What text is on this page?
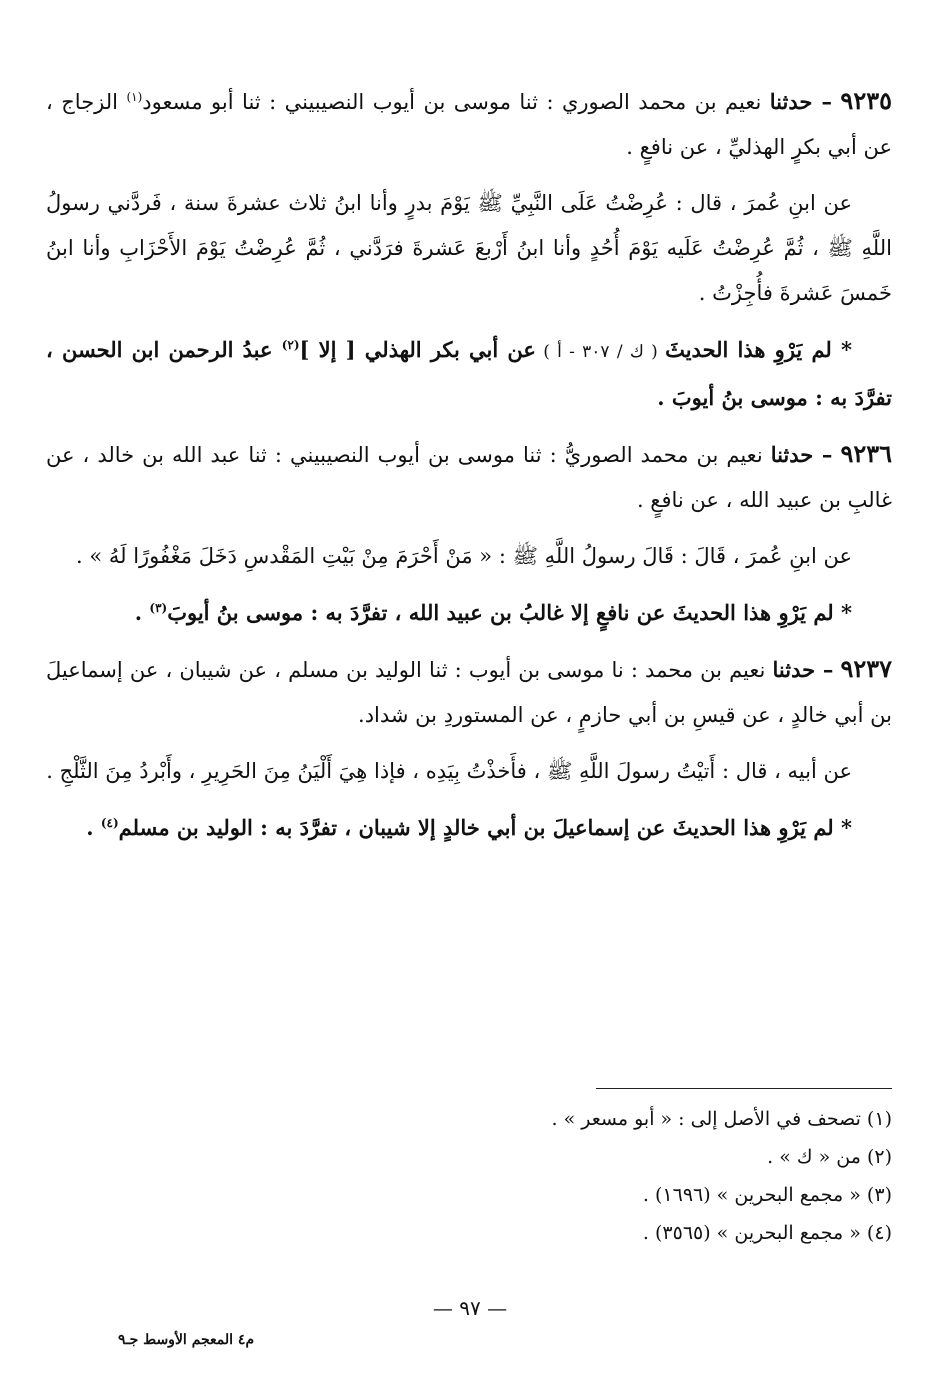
٩٢٣٥ – حدثنا نعيم بن محمد الصوري : ثنا موسى بن أيوب النصيبيني : ثنا أبو مسعود$^{(١)}$ الزجاج ، عن أبي بكرٍ الهذليِّ ، عن نافعٍ .

عن ابنِ عُمرَ ، قال : عُرِضْتُ عَلَى النَّبِيِّ ﷺ يَوْمَ بدرٍ وأنا ابنُ ثلاث عشرةَ سنة ، فَردَّني رسولُ اللَّهِ ﷺ ، ثُمَّ عُرِضْتُ عَلَيه يَوْمَ أُحُدٍ وأنا ابنُ أَرْبعَ عَشرةَ فرَدَّني ، ثُمَّ عُرِضْتُ يَوْمَ الأَحْزَابِ وأنا ابنُ خَمسَ عَشرةَ فأُجِزْتُ .

* لم يَرْوِ هذا الحديثَ ( ك / ٣٠٧ - أ ) عن أبي بكر الهذلي [ إلا ]$^{(٢)}$ عبدُ الرحمن ابن الحسن ، تفرَّدَ به : موسى بنُ أيوبَ .

٩٢٣٦ – حدثنا نعيم بن محمد الصوريُّ : ثنا موسى بن أيوب النصيبيني : ثنا عبد الله بن خالد ، عن غالبِ بن عبيد الله ، عن نافعٍ .

عن ابنِ عُمرَ ، قَالَ : قَالَ رسولُ اللَّهِ ﷺ : « مَنْ أَحْرَمَ مِنْ بَيْتِ المَقْدسِ دَخَلَ مَغْفُورًا لَهُ » .

* لم يَرْوِ هذا الحديثَ عن نافعٍ إلا غالبُ بن عبيد الله ، تفرَّدَ به : موسى بنُ أيوبَ$^{(٣)}$ .

٩٢٣٧ – حدثنا نعيم بن محمد : نا موسى بن أيوب : ثنا الوليد بن مسلم ، عن شيبان ، عن إسماعيلَ بن أبي خالدٍ ، عن قيسِ بن أبي حازمٍ ، عن المستوردِ بن شداد.

عن أبيه ، قال : أَتيْتُ رسولَ اللَّهِ ﷺ ، فأَخذْتُ بِيَدِه ، فإذا هِيَ أَلْيَنُ مِنَ الحَرِيرِ ، وأَبْردُ مِنَ الثَّلْجِ .

* لم يَرْوِ هذا الحديثَ عن إسماعيلَ بن أبي خالدٍ إلا شيبان ، تفرَّدَ به : الوليد بن مسلم$^{(٤)}$ .

(١) تصحف في الأصل إلى : « أبو مسعر » .
(٢) من « ك » .
(٣) « مجمع البحرين » (١٦٩٦) .
(٤) « مجمع البحرين » (٣٥٦٥) .
— ٩٧ —
م٤ المعجم الأوسط جـ٩
